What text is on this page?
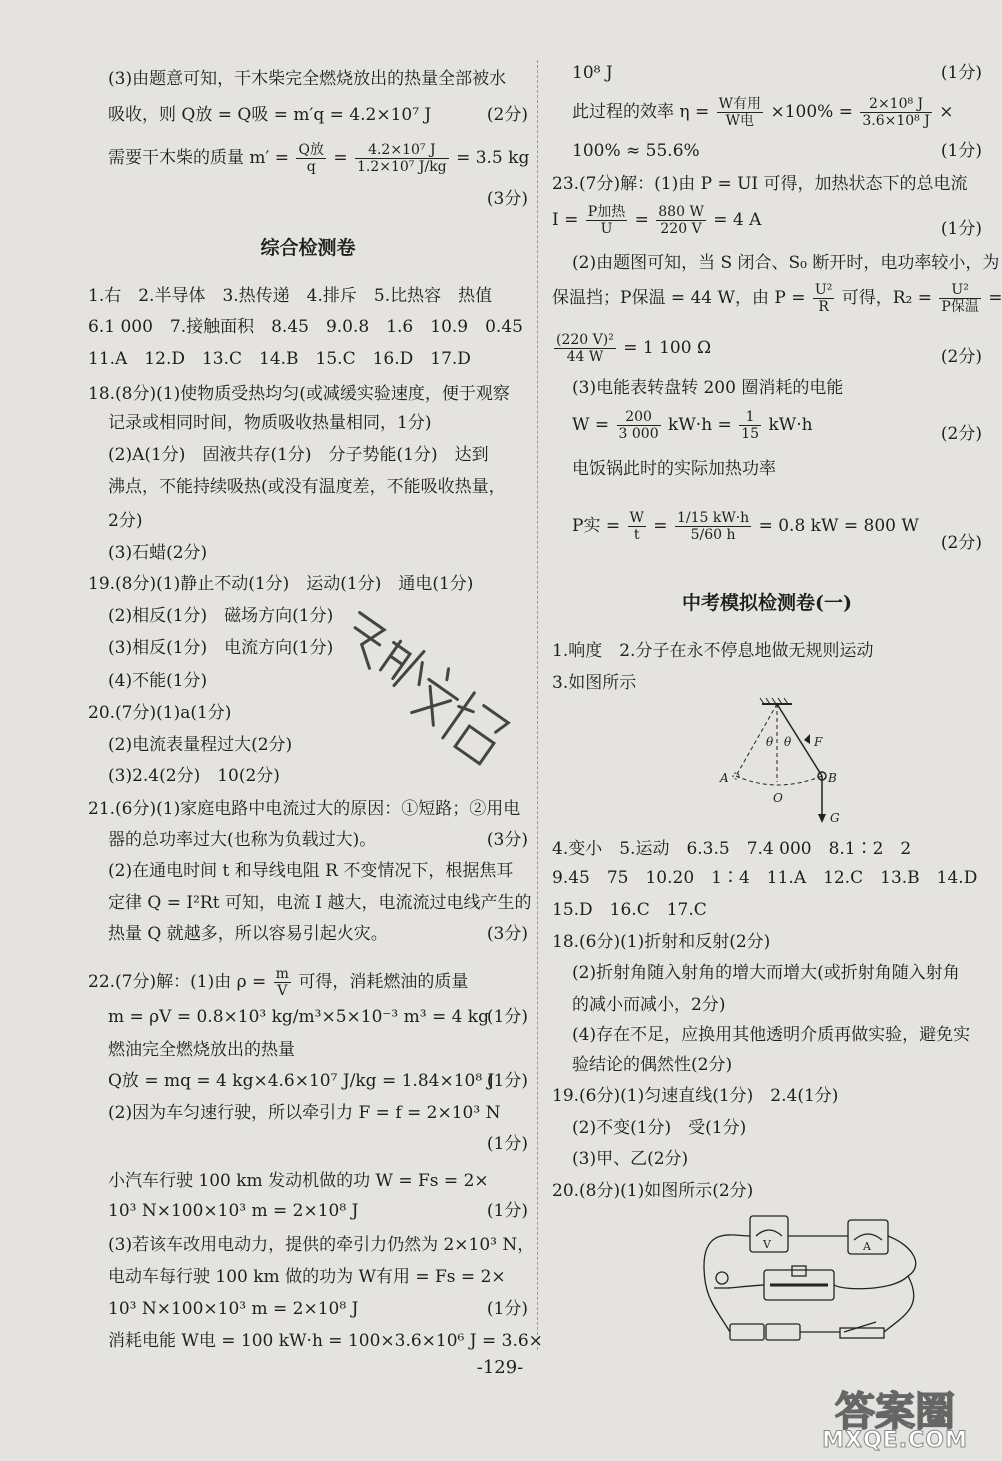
(3)由题意可知，干木柴完全燃烧放出的热量全部被水
吸收，则 Q放 = Q吸 = m′q = 4.2×10⁷ J	(2分)
需要干木柴的质量 $m' = \frac{\text{Q放}}{q} = \frac{\text{4.2×10⁷ J}}{\text{1.2×10⁷ J/kg}} = 3.5$ kg
(3分)
综合检测卷
1.右　2.半导体　3.热传递　4.排斥　5.比热容　热值
6.1 000　7.接触面积　8.45　9.0.8　1.6　10.9　0.45
11.A　12.D　13.C　14.B　15.C　16.D　17.D
18.(8分)(1)使物质受热均匀(或减缓实验速度，便于观察
记录或相同时间，物质吸收热量相同，1分)
(2)A(1分)　固液共存(1分)　分子势能(1分)　达到
沸点，不能持续吸热(或没有温度差，不能吸收热量，
2分)
(3)石蜡(2分)
19.(8分)(1)静止不动(1分)　运动(1分)　通电(1分)
(2)相反(1分)　磁场方向(1分)
(3)相反(1分)　电流方向(1分)
(4)不能(1分)
20.(7分)(1)a(1分)
(2)电流表量程过大(2分)
(3)2.4(2分)　10(2分)
21.(6分)(1)家庭电路中电流过大的原因：①短路；②用电
器的总功率过大(也称为负载过大)。	(3分)
(2)在通电时间 t 和导线电阻 R 不变情况下，根据焦耳
定律 Q = I²Rt 可知，电流 I 越大，电流流过电线产生的
热量 Q 就越多，所以容易引起火灾。	(3分)
22.(7分)解：(1)由 $\rho = \frac{m}{V}$ 可得，消耗燃油的质量
m = ρV = 0.8×10³ kg/m³×5×10⁻³ m³ = 4 kg
(1分)
燃油完全燃烧放出的热量
Q放 = mq = 4 kg×4.6×10⁷ J/kg = 1.84×10⁸ J
(1分)
(2)因为车匀速行驶，所以牵引力 F = f = 2×10³ N
(1分)
小汽车行驶 100 km 发动机做的功 W = Fs = 2×
10³ N×100×10³ m = 2×10⁸ J	(1分)
(3)若该车改用电动力，提供的牵引力仍然为 2×10³ N，
电动车每行驶 100 km 做的功为 W有用 = Fs = 2×
10³ N×100×10³ m = 2×10⁸ J	(1分)
消耗电能 W电 = 100 kW·h = 100×3.6×10⁶ J = 3.6×
10⁸ J	(1分)
此过程的效率 $\eta = \frac{\text{W有用}}{\text{W电}} \times 100\% = \frac{\text{2×10⁸ J}}{\text{3.6×10⁸ J}}$ ×
100% ≈ 55.6%	(1分)
23.(7分)解：(1)由 P = UI 可得，加热状态下的总电流
$I = \frac{\text{P加热}}{U} = \frac{880 W}{220 V} = 4$ A	(1分)
(2)由题图可知，当 S 闭合、S₀ 断开时，电功率较小，为
保温挡；P保温 = 44 W，由 $P = \frac{\text{U²}}{R}$ 可得，$R_2 = \frac{\text{U²}}{\text{P保温}}$ =
$\frac{\text{(220 V)²}}{44 W} = 1$ 100 Ω	(2分)
(3)电能表转盘转 200 圈消耗的电能
$W = \frac{200}{3 000} kW\cdot h = \frac{1}{15} kW\cdot h$	(2分)
电饭锅此时的实际加热功率
P实 = $\frac{W}{t} = \frac{1/15 kW\cdot h}{5/60 h} = 0.8$ kW = 800 W
(2分)
中考模拟检测卷(一)
1.响度　2.分子在永不停息地做无规则运动
3.如图所示
4.变小　5.运动　6.3.5　7.4 000　8.1∶2　2
9.45　75　10.20　1∶4　11.A　12.C　13.B　14.D
15.D　16.C　17.C
18.(6分)(1)折射和反射(2分)
(2)折射角随入射角的增大而增大(或折射角随入射角
的减小而减小，2分)
(4)存在不足，应换用其他透明介质再做实验，避免实
验结论的偶然性(2分)
19.(6分)(1)匀速直线(1分)　2.4(1分)
(2)不变(1分)　受(1分)
(3)甲、乙(2分)
20.(8分)(1)如图所示(2分)
θ θ F
A	B
O
G
V	A
-129-
答案圈
MXQE.COM
